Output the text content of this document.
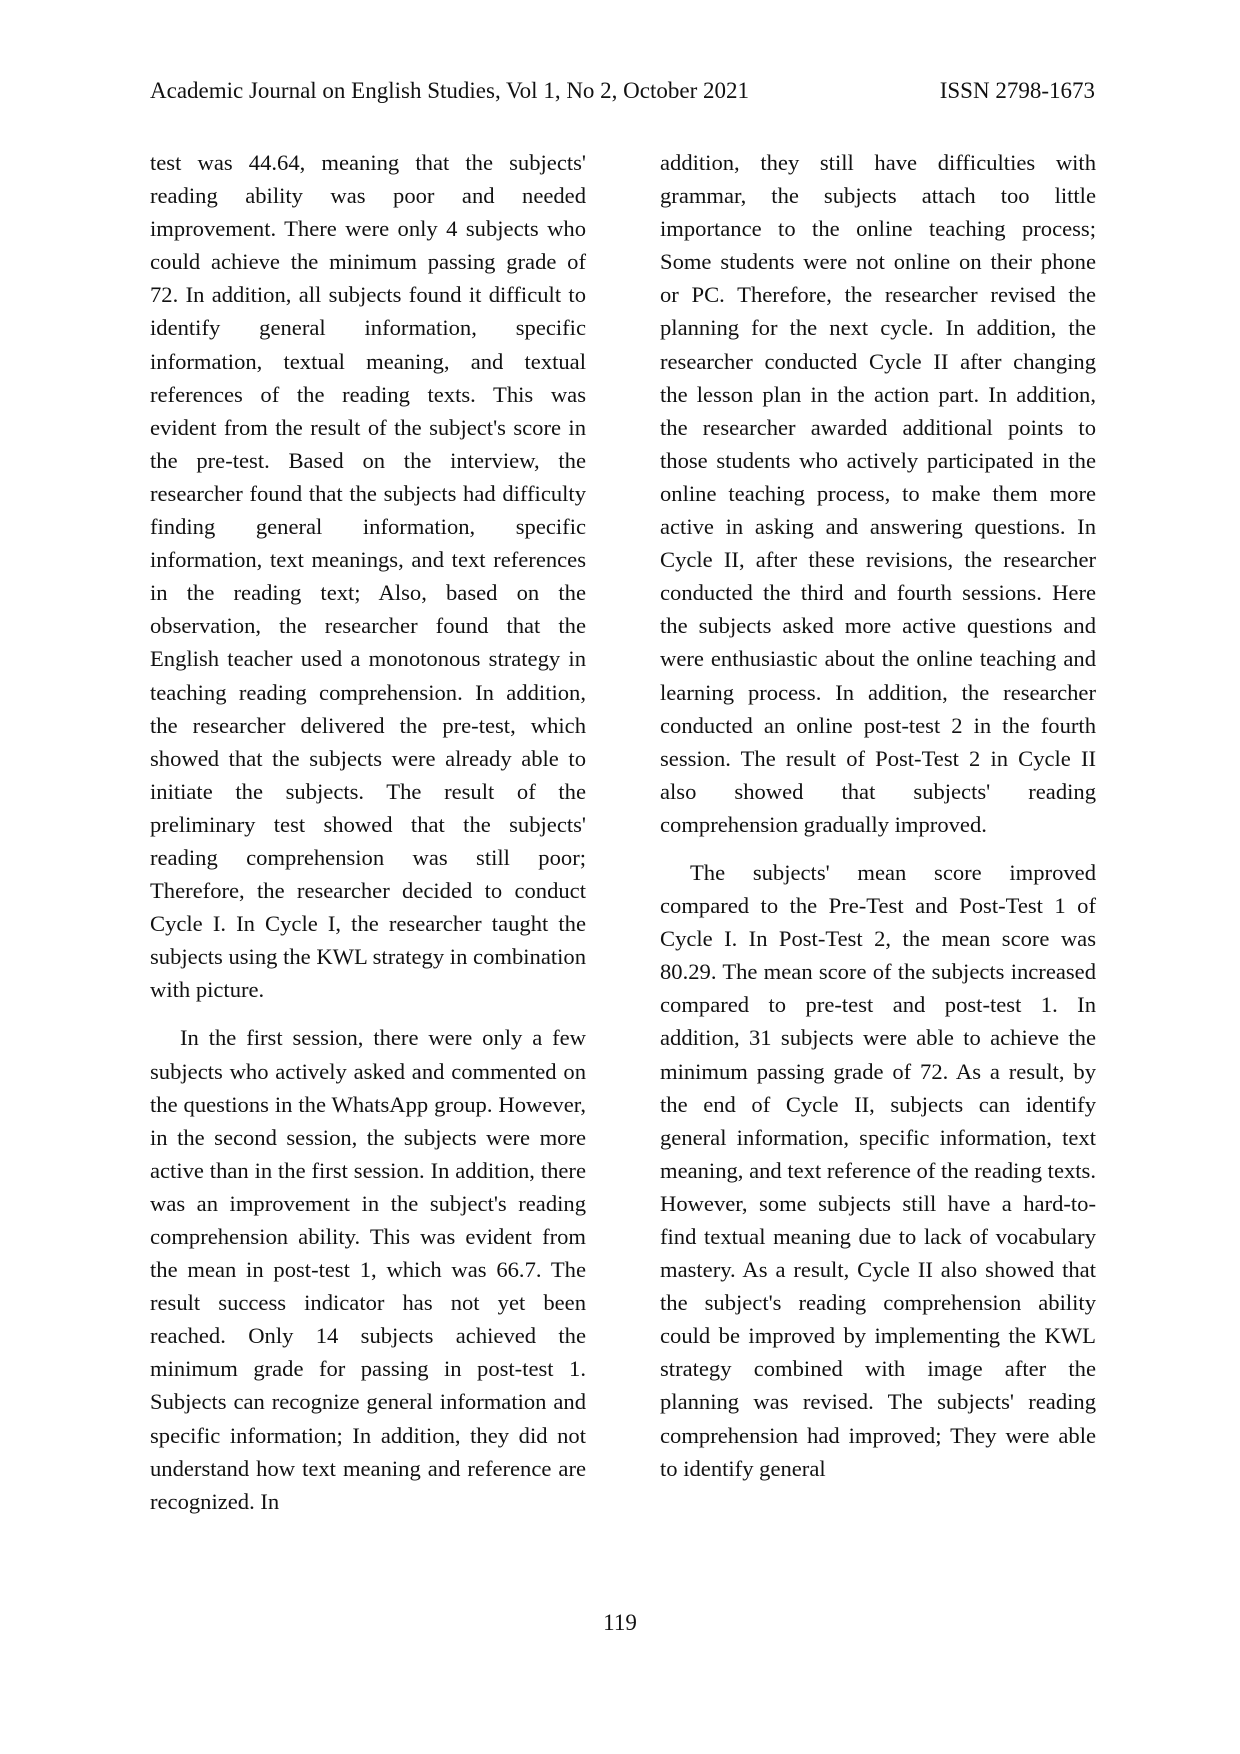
Academic Journal on English Studies, Vol 1, No 2, October 2021	ISSN 2798-1673

test was 44.64, meaning that the subjects' reading ability was poor and needed improvement. There were only 4 subjects who could achieve the minimum passing grade of 72. In addition, all subjects found it difficult to identify general information, specific information, textual meaning, and textual references of the reading texts. This was evident from the result of the subject's score in the pre-test. Based on the interview, the researcher found that the subjects had difficulty finding general information, specific information, text meanings, and text references in the reading text; Also, based on the observation, the researcher found that the English teacher used a monotonous strategy in teaching reading comprehension. In addition, the researcher delivered the pre-test, which showed that the subjects were already able to initiate the subjects. The result of the preliminary test showed that the subjects' reading comprehension was still poor; Therefore, the researcher decided to conduct Cycle I. In Cycle I, the researcher taught the subjects using the KWL strategy in combination with picture.

In the first session, there were only a few subjects who actively asked and commented on the questions in the WhatsApp group. However, in the second session, the subjects were more active than in the first session. In addition, there was an improvement in the subject's reading comprehension ability. This was evident from the mean in post-test 1, which was 66.7. The result success indicator has not yet been reached. Only 14 subjects achieved the minimum grade for passing in post-test 1. Subjects can recognize general information and specific information; In addition, they did not understand how text meaning and reference are recognized. In

addition, they still have difficulties with grammar, the subjects attach too little importance to the online teaching process; Some students were not online on their phone or PC. Therefore, the researcher revised the planning for the next cycle. In addition, the researcher conducted Cycle II after changing the lesson plan in the action part. In addition, the researcher awarded additional points to those students who actively participated in the online teaching process, to make them more active in asking and answering questions. In Cycle II, after these revisions, the researcher conducted the third and fourth sessions. Here the subjects asked more active questions and were enthusiastic about the online teaching and learning process. In addition, the researcher conducted an online post-test 2 in the fourth session. The result of Post-Test 2 in Cycle II also showed that subjects' reading comprehension gradually improved.

The subjects' mean score improved compared to the Pre-Test and Post-Test 1 of Cycle I. In Post-Test 2, the mean score was 80.29. The mean score of the subjects increased compared to pre-test and post-test 1. In addition, 31 subjects were able to achieve the minimum passing grade of 72. As a result, by the end of Cycle II, subjects can identify general information, specific information, text meaning, and text reference of the reading texts. However, some subjects still have a hard-to-find textual meaning due to lack of vocabulary mastery. As a result, Cycle II also showed that the subject's reading comprehension ability could be improved by implementing the KWL strategy combined with image after the planning was revised. The subjects' reading comprehension had improved; They were able to identify general

119
